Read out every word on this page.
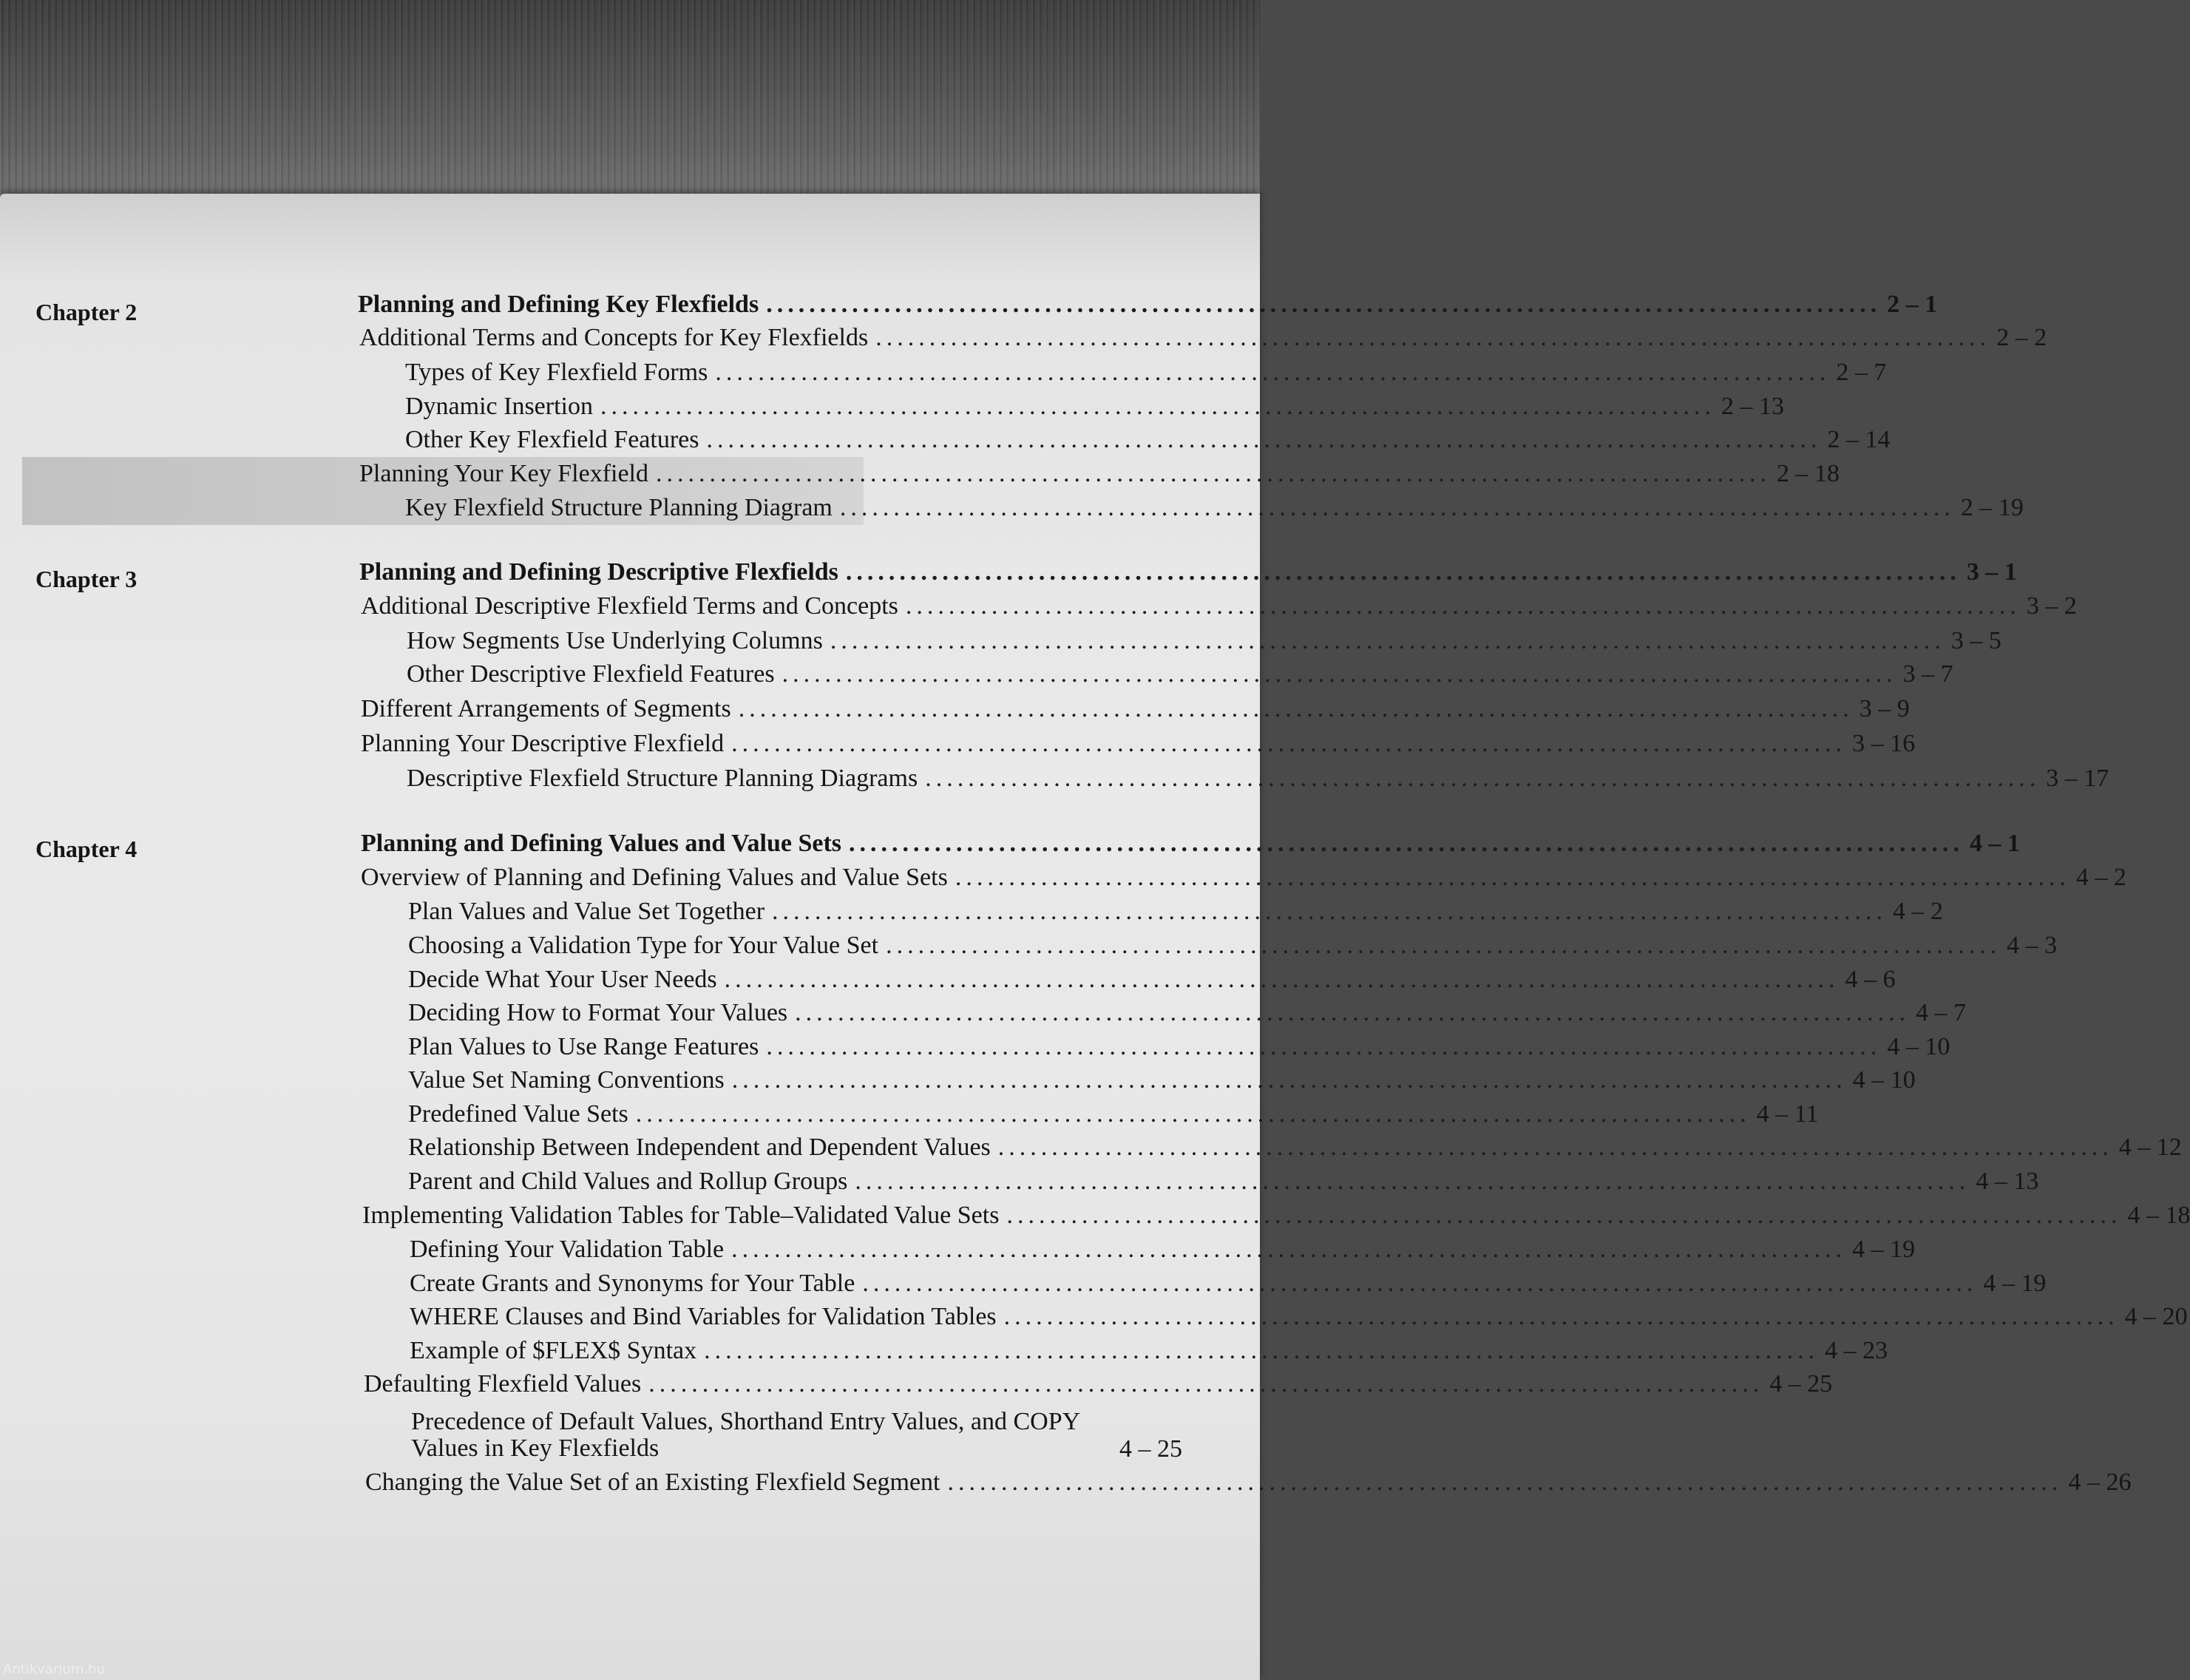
Chapter 2	Planning and Defining Key Flexfields ........................................................................................................ 2 – 1
Additional Terms and Concepts for Key Flexfields ........................................................................................................ 2 – 2
Types of Key Flexfield Forms ........................................................................................................ 2 – 7
Dynamic Insertion ........................................................................................................ 2 – 13
Other Key Flexfield Features ........................................................................................................ 2 – 14
Planning Your Key Flexfield ........................................................................................................ 2 – 18
Key Flexfield Structure Planning Diagram ........................................................................................................ 2 – 19
Chapter 3	Planning and Defining Descriptive Flexfields ........................................................................................................ 3 – 1
Additional Descriptive Flexfield Terms and Concepts ........................................................................................................ 3 – 2
How Segments Use Underlying Columns ........................................................................................................ 3 – 5
Other Descriptive Flexfield Features ........................................................................................................ 3 – 7
Different Arrangements of Segments ........................................................................................................ 3 – 9
Planning Your Descriptive Flexfield ........................................................................................................ 3 – 16
Descriptive Flexfield Structure Planning Diagrams ........................................................................................................ 3 – 17
Chapter 4	Planning and Defining Values and Value Sets ........................................................................................................ 4 – 1
Overview of Planning and Defining Values and Value Sets ........................................................................................................ 4 – 2
Plan Values and Value Set Together ........................................................................................................ 4 – 2
Choosing a Validation Type for Your Value Set ........................................................................................................ 4 – 3
Decide What Your User Needs ........................................................................................................ 4 – 6
Deciding How to Format Your Values ........................................................................................................ 4 – 7
Plan Values to Use Range Features ........................................................................................................ 4 – 10
Value Set Naming Conventions ........................................................................................................ 4 – 10
Predefined Value Sets ........................................................................................................ 4 – 11
Relationship Between Independent and Dependent Values ........................................................................................................ 4 – 12
Parent and Child Values and Rollup Groups ........................................................................................................ 4 – 13
Implementing Validation Tables for Table–Validated Value Sets ........................................................................................................ 4 – 18
Defining Your Validation Table ........................................................................................................ 4 – 19
Create Grants and Synonyms for Your Table ........................................................................................................ 4 – 19
WHERE Clauses and Bind Variables for Validation Tables ........................................................................................................ 4 – 20
Example of $FLEX$ Syntax ........................................................................................................ 4 – 23
Defaulting Flexfield Values ........................................................................................................ 4 – 25
Precedence of Default Values, Shorthand Entry Values, and COPY Values in Key Flexfields	4 – 25
Changing the Value Set of an Existing Flexfield Segment ........................................................................................................ 4 – 26
Antikvarium.hu
